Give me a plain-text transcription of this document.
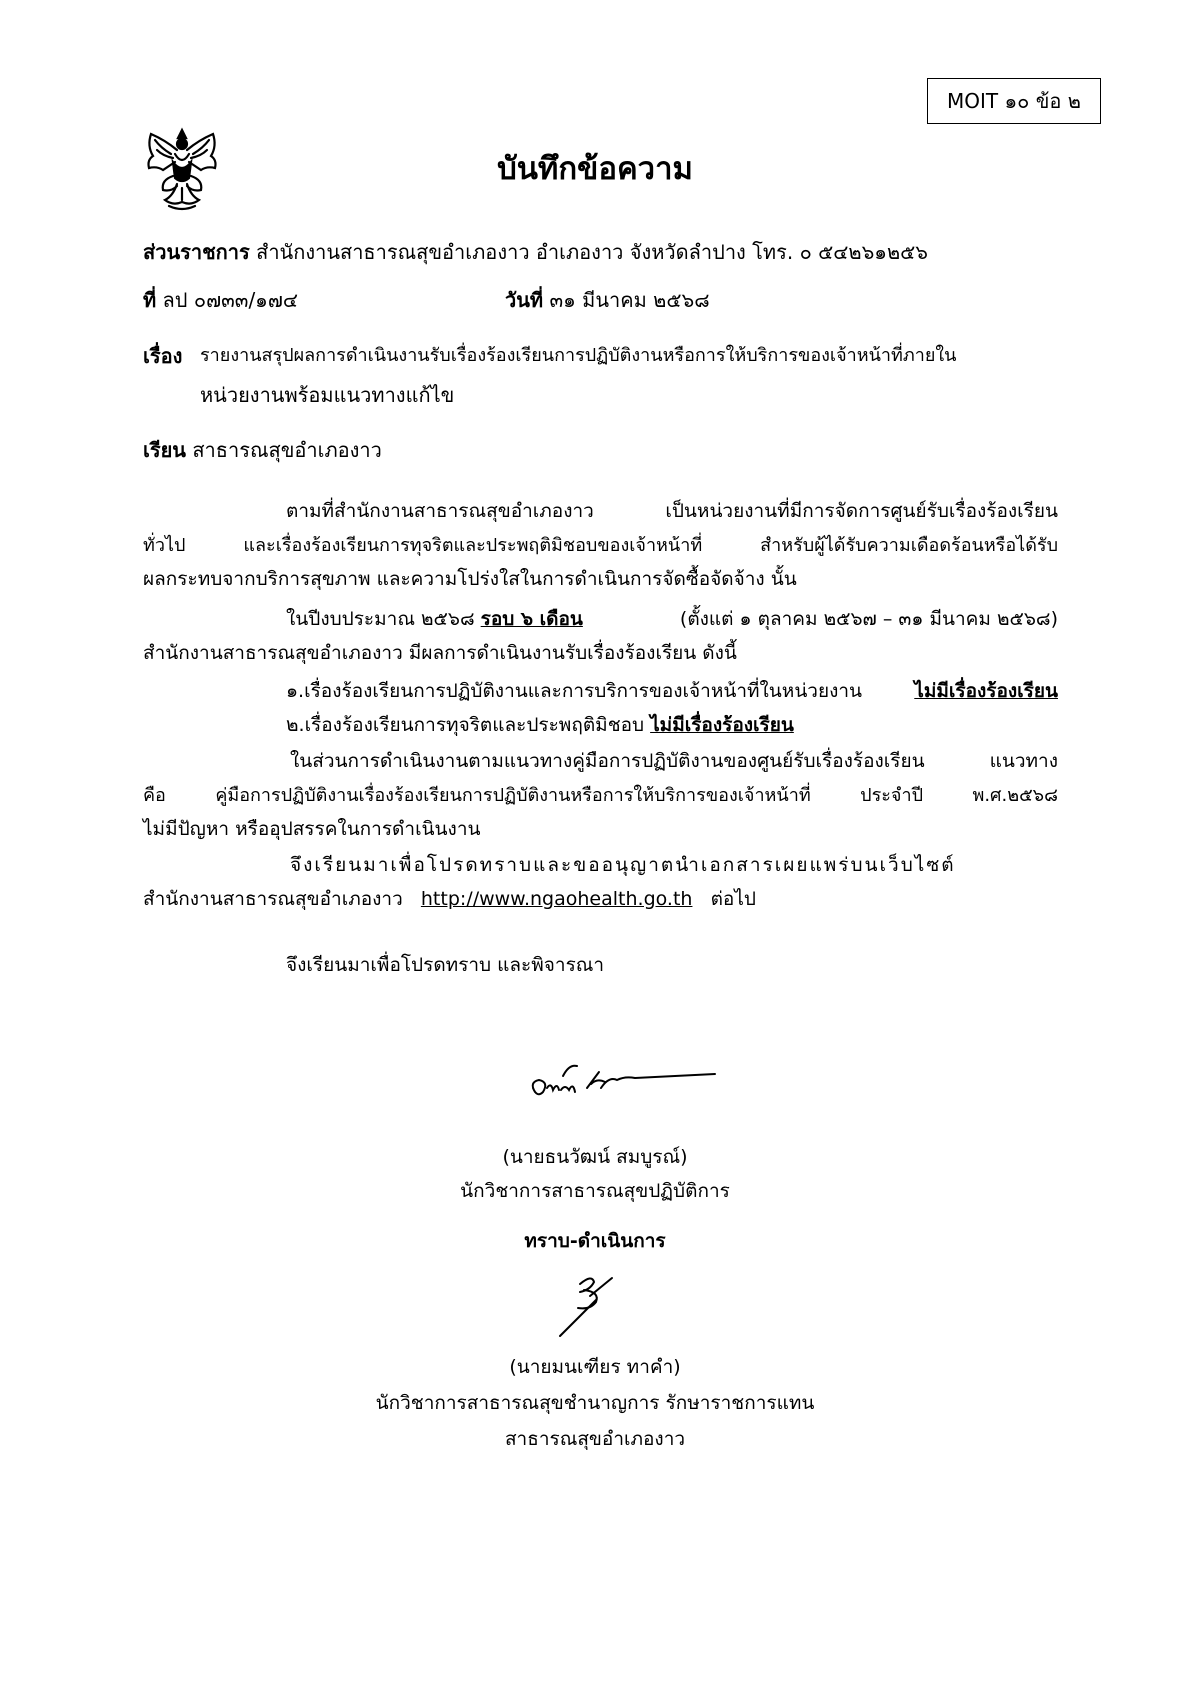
MOIT ๑๐ ข้อ ๒
บันทึกข้อความ
ส่วนราชการ สำนักงานสาธารณสุขอำเภองาว อำเภองาว จังหวัดลำปาง โทร. ๐ ๕๔๒๖๑๒๕๖
ที่ ลป ๐๗๓๓/๑๗๔	วันที่ ๓๑ มีนาคม ๒๕๖๘
เรื่อง รายงานสรุปผลการดำเนินงานรับเรื่องร้องเรียนการปฏิบัติงานหรือการให้บริการของเจ้าหน้าที่ภายใน
หน่วยงานพร้อมแนวทางแก้ไข
เรียน สาธารณสุขอำเภองาว
ตามที่สำนักงานสาธารณสุขอำเภองาว เป็นหน่วยงานที่มีการจัดการศูนย์รับเรื่องร้องเรียน
ทั่วไป และเรื่องร้องเรียนการทุจริตและประพฤติมิชอบของเจ้าหน้าที่ สำหรับผู้ได้รับความเดือดร้อนหรือได้รับ
ผลกระทบจากบริการสุขภาพ และความโปร่งใสในการดำเนินการจัดซื้อจัดจ้าง นั้น
ในปีงบประมาณ ๒๕๖๘ รอบ ๖ เดือน	(ตั้งแต่ ๑ ตุลาคม ๒๕๖๗ – ๓๑ มีนาคม ๒๕๖๘)
สำนักงานสาธารณสุขอำเภองาว มีผลการดำเนินงานรับเรื่องร้องเรียน ดังนี้
๑.เรื่องร้องเรียนการปฏิบัติงานและการบริการของเจ้าหน้าที่ในหน่วยงาน	ไม่มีเรื่องร้องเรียน
๒.เรื่องร้องเรียนการทุจริตและประพฤติมิชอบ ไม่มีเรื่องร้องเรียน
ในส่วนการดำเนินงานตามแนวทางคู่มือการปฏิบัติงานของศูนย์รับเรื่องร้องเรียน แนวทาง
คือ คู่มือการปฏิบัติงานเรื่องร้องเรียนการปฏิบัติงานหรือการให้บริการของเจ้าหน้าที่ ประจำปี พ.ศ.๒๕๖๘
ไม่มีปัญหา หรืออุปสรรคในการดำเนินงาน
จึงเรียนมาเพื่อโปรดทราบและขออนุญาตนำเอกสารเผยแพร่บนเว็บไซต์
สำนักงานสาธารณสุขอำเภองาว http://www.ngaohealth.go.th ต่อไป
จึงเรียนมาเพื่อโปรดทราบ และพิจารณา
(นายธนวัฒน์ สมบูรณ์)
นักวิชาการสาธารณสุขปฏิบัติการ
ทราบ-ดำเนินการ
(นายมนเฑียร ทาคำ)
นักวิชาการสาธารณสุขชำนาญการ รักษาราชการแทน
สาธารณสุขอำเภองาว
